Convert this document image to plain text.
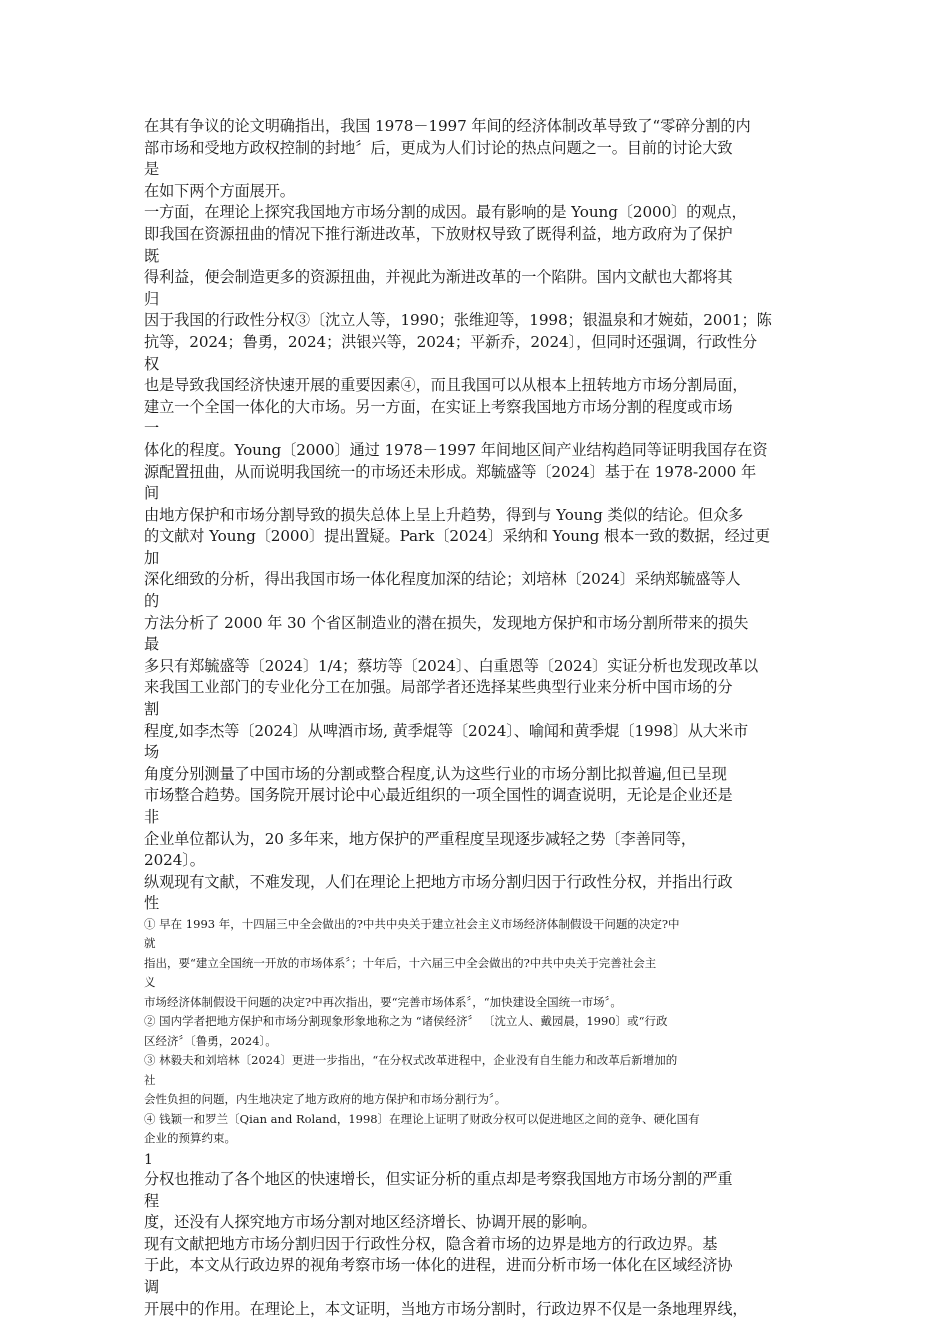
在其有争议的论文明确指出，我国 1978－1997 年间的经济体制改革导致了“零碎分割的内
部市场和受地方政权控制的封地〞后，更成为人们讨论的热点问题之一。目前的讨论大致
是
在如下两个方面展开。
一方面，在理论上探究我国地方市场分割的成因。最有影响的是 Young〔2000〕的观点，
即我国在资源扭曲的情况下推行渐进改革，下放财权导致了既得利益，地方政府为了保护
既
得利益，便会制造更多的资源扭曲，并视此为渐进改革的一个陷阱。国内文献也大都将其
归
因于我国的行政性分权③〔沈立人等，1990；张维迎等，1998；银温泉和才婉茹，2001；陈
抗等，2024；鲁勇，2024；洪银兴等，2024；平新乔，2024〕，但同时还强调，行政性分
权
也是导致我国经济快速开展的重要因素④，而且我国可以从根本上扭转地方市场分割局面，
建立一个全国一体化的大市场。另一方面，在实证上考察我国地方市场分割的程度或市场
一
体化的程度。Young〔2000〕通过 1978－1997 年间地区间产业结构趋同等证明我国存在资
源配置扭曲，从而说明我国统一的市场还未形成。郑毓盛等〔2024〕基于在 1978-2000 年
间
由地方保护和市场分割导致的损失总体上呈上升趋势，得到与 Young 类似的结论。但众多
的文献对 Young〔2000〕提出置疑。Park〔2024〕采纳和 Young 根本一致的数据，经过更
加
深化细致的分析，得出我国市场一体化程度加深的结论；刘培林〔2024〕采纳郑毓盛等人
的
方法分析了 2000 年 30 个省区制造业的潜在损失，发现地方保护和市场分割所带来的损失
最
多只有郑毓盛等〔2024〕1/4；蔡坊等〔2024〕、白重恩等〔2024〕实证分析也发现改革以
来我国工业部门的专业化分工在加强。局部学者还选择某些典型行业来分析中国市场的分
割
程度,如李杰等〔2024〕从啤酒市场, 黄季焜等〔2024〕、喻闻和黄季焜〔1998〕从大米市
场
角度分别测量了中国市场的分割或整合程度,认为这些行业的市场分割比拟普遍,但已呈现
市场整合趋势。国务院开展讨论中心最近组织的一项全国性的调查说明，无论是企业还是
非
企业单位都认为，20 多年来，地方保护的严重程度呈现逐步减轻之势〔李善同等，
2024〕。
纵观现有文献，不难发现，人们在理论上把地方市场分割归因于行政性分权，并指出行政
性
① 早在 1993 年，十四届三中全会做出的?中共中央关于建立社会主义市场经济体制假设干问题的决定?中
就
指出，要“建立全国统一开放的市场体系〞；十年后，十六届三中全会做出的?中共中央关于完善社会主
义
市场经济体制假设干问题的决定?中再次指出，要“完善市场体系〞，“加快建设全国统一市场〞。
② 国内学者把地方保护和市场分割现象形象地称之为 “诸侯经济〞 〔沈立人、戴园晨，1990〕或“行政
区经济〞〔鲁勇，2024〕。
③ 林毅夫和刘培林〔2024〕更进一步指出，“在分权式改革进程中，企业没有自生能力和改革后新增加的
社
会性负担的问题，内生地决定了地方政府的地方保护和市场分割行为〞。
④ 钱颖一和罗兰〔Qian and Roland，1998〕在理论上证明了财政分权可以促进地区之间的竞争、硬化国有
企业的预算约束。
1
分权也推动了各个地区的快速增长，但实证分析的重点却是考察我国地方市场分割的严重
程
度，还没有人探究地方市场分割对地区经济增长、协调开展的影响。
现有文献把地方市场分割归因于行政性分权，隐含着市场的边界是地方的行政边界。基
于此，本文从行政边界的视角考察市场一体化的进程，进而分析市场一体化在区域经济协
调
开展中的作用。在理论上，本文证明，当地方市场分割时，行政边界不仅是一条地理界线，
